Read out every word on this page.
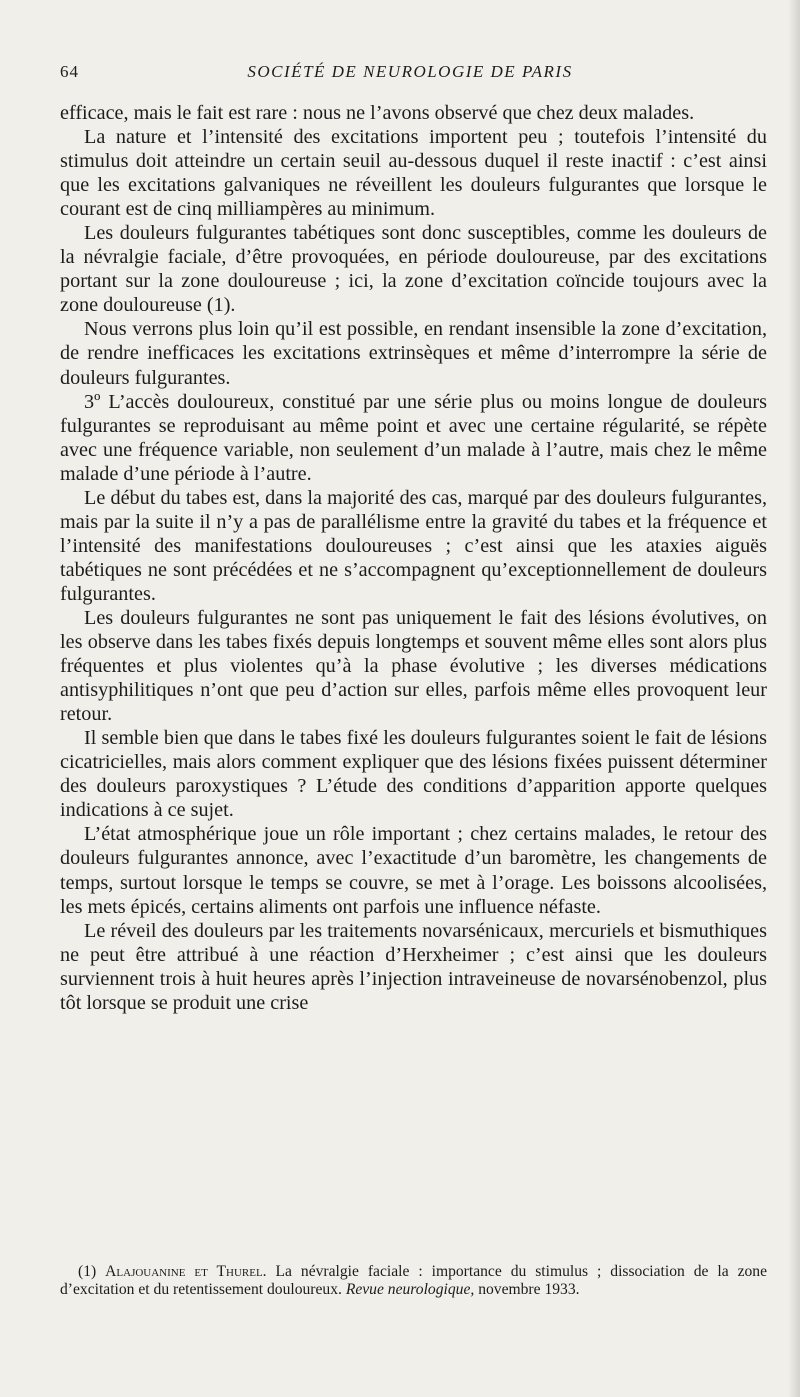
64	SOCIÉTÉ DE NEUROLOGIE DE PARIS

efficace, mais le fait est rare : nous ne l’avons observé que chez deux malades.

La nature et l’intensité des excitations importent peu ; toutefois l’intensité du stimulus doit atteindre un certain seuil au-dessous duquel il reste inactif : c’est ainsi que les excitations galvaniques ne réveillent les douleurs fulgurantes que lorsque le courant est de cinq milliampères au minimum.

Les douleurs fulgurantes tabétiques sont donc susceptibles, comme les douleurs de la névralgie faciale, d’être provoquées, en période douloureuse, par des excitations portant sur la zone douloureuse ; ici, la zone d’excitation coïncide toujours avec la zone douloureuse (1).

Nous verrons plus loin qu’il est possible, en rendant insensible la zone d’excitation, de rendre inefficaces les excitations extrinsèques et même d’interrompre la série de douleurs fulgurantes.

3º L’accès douloureux, constitué par une série plus ou moins longue de douleurs fulgurantes se reproduisant au même point et avec une certaine régularité, se répète avec une fréquence variable, non seulement d’un malade à l’autre, mais chez le même malade d’une période à l’autre.

Le début du tabes est, dans la majorité des cas, marqué par des douleurs fulgurantes, mais par la suite il n’y a pas de parallélisme entre la gravité du tabes et la fréquence et l’intensité des manifestations douloureuses ; c’est ainsi que les ataxies aiguës tabétiques ne sont précédées et ne s’accompagnent qu’exceptionnellement de douleurs fulgurantes.

Les douleurs fulgurantes ne sont pas uniquement le fait des lésions évolutives, on les observe dans les tabes fixés depuis longtemps et souvent même elles sont alors plus fréquentes et plus violentes qu’à la phase évolutive ; les diverses médications antisyphilitiques n’ont que peu d’action sur elles, parfois même elles provoquent leur retour.

Il semble bien que dans le tabes fixé les douleurs fulgurantes soient le fait de lésions cicatricielles, mais alors comment expliquer que des lésions fixées puissent déterminer des douleurs paroxystiques ? L’étude des conditions d’apparition apporte quelques indications à ce sujet.

L’état atmosphérique joue un rôle important ; chez certains malades, le retour des douleurs fulgurantes annonce, avec l’exactitude d’un baromètre, les changements de temps, surtout lorsque le temps se couvre, se met à l’orage. Les boissons alcoolisées, les mets épicés, certains aliments ont parfois une influence néfaste.

Le réveil des douleurs par les traitements novarsénicaux, mercuriels et bismuthiques ne peut être attribué à une réaction d’Herxheimer ; c’est ainsi que les douleurs surviennent trois à huit heures après l’injection intraveineuse de novarsénobenzol, plus tôt lorsque se produit une crise

(1) Alajouanine et Thurel. La névralgie faciale : importance du stimulus ; dissociation de la zone d’excitation et du retentissement douloureux. Revue neurologique, novembre 1933.
